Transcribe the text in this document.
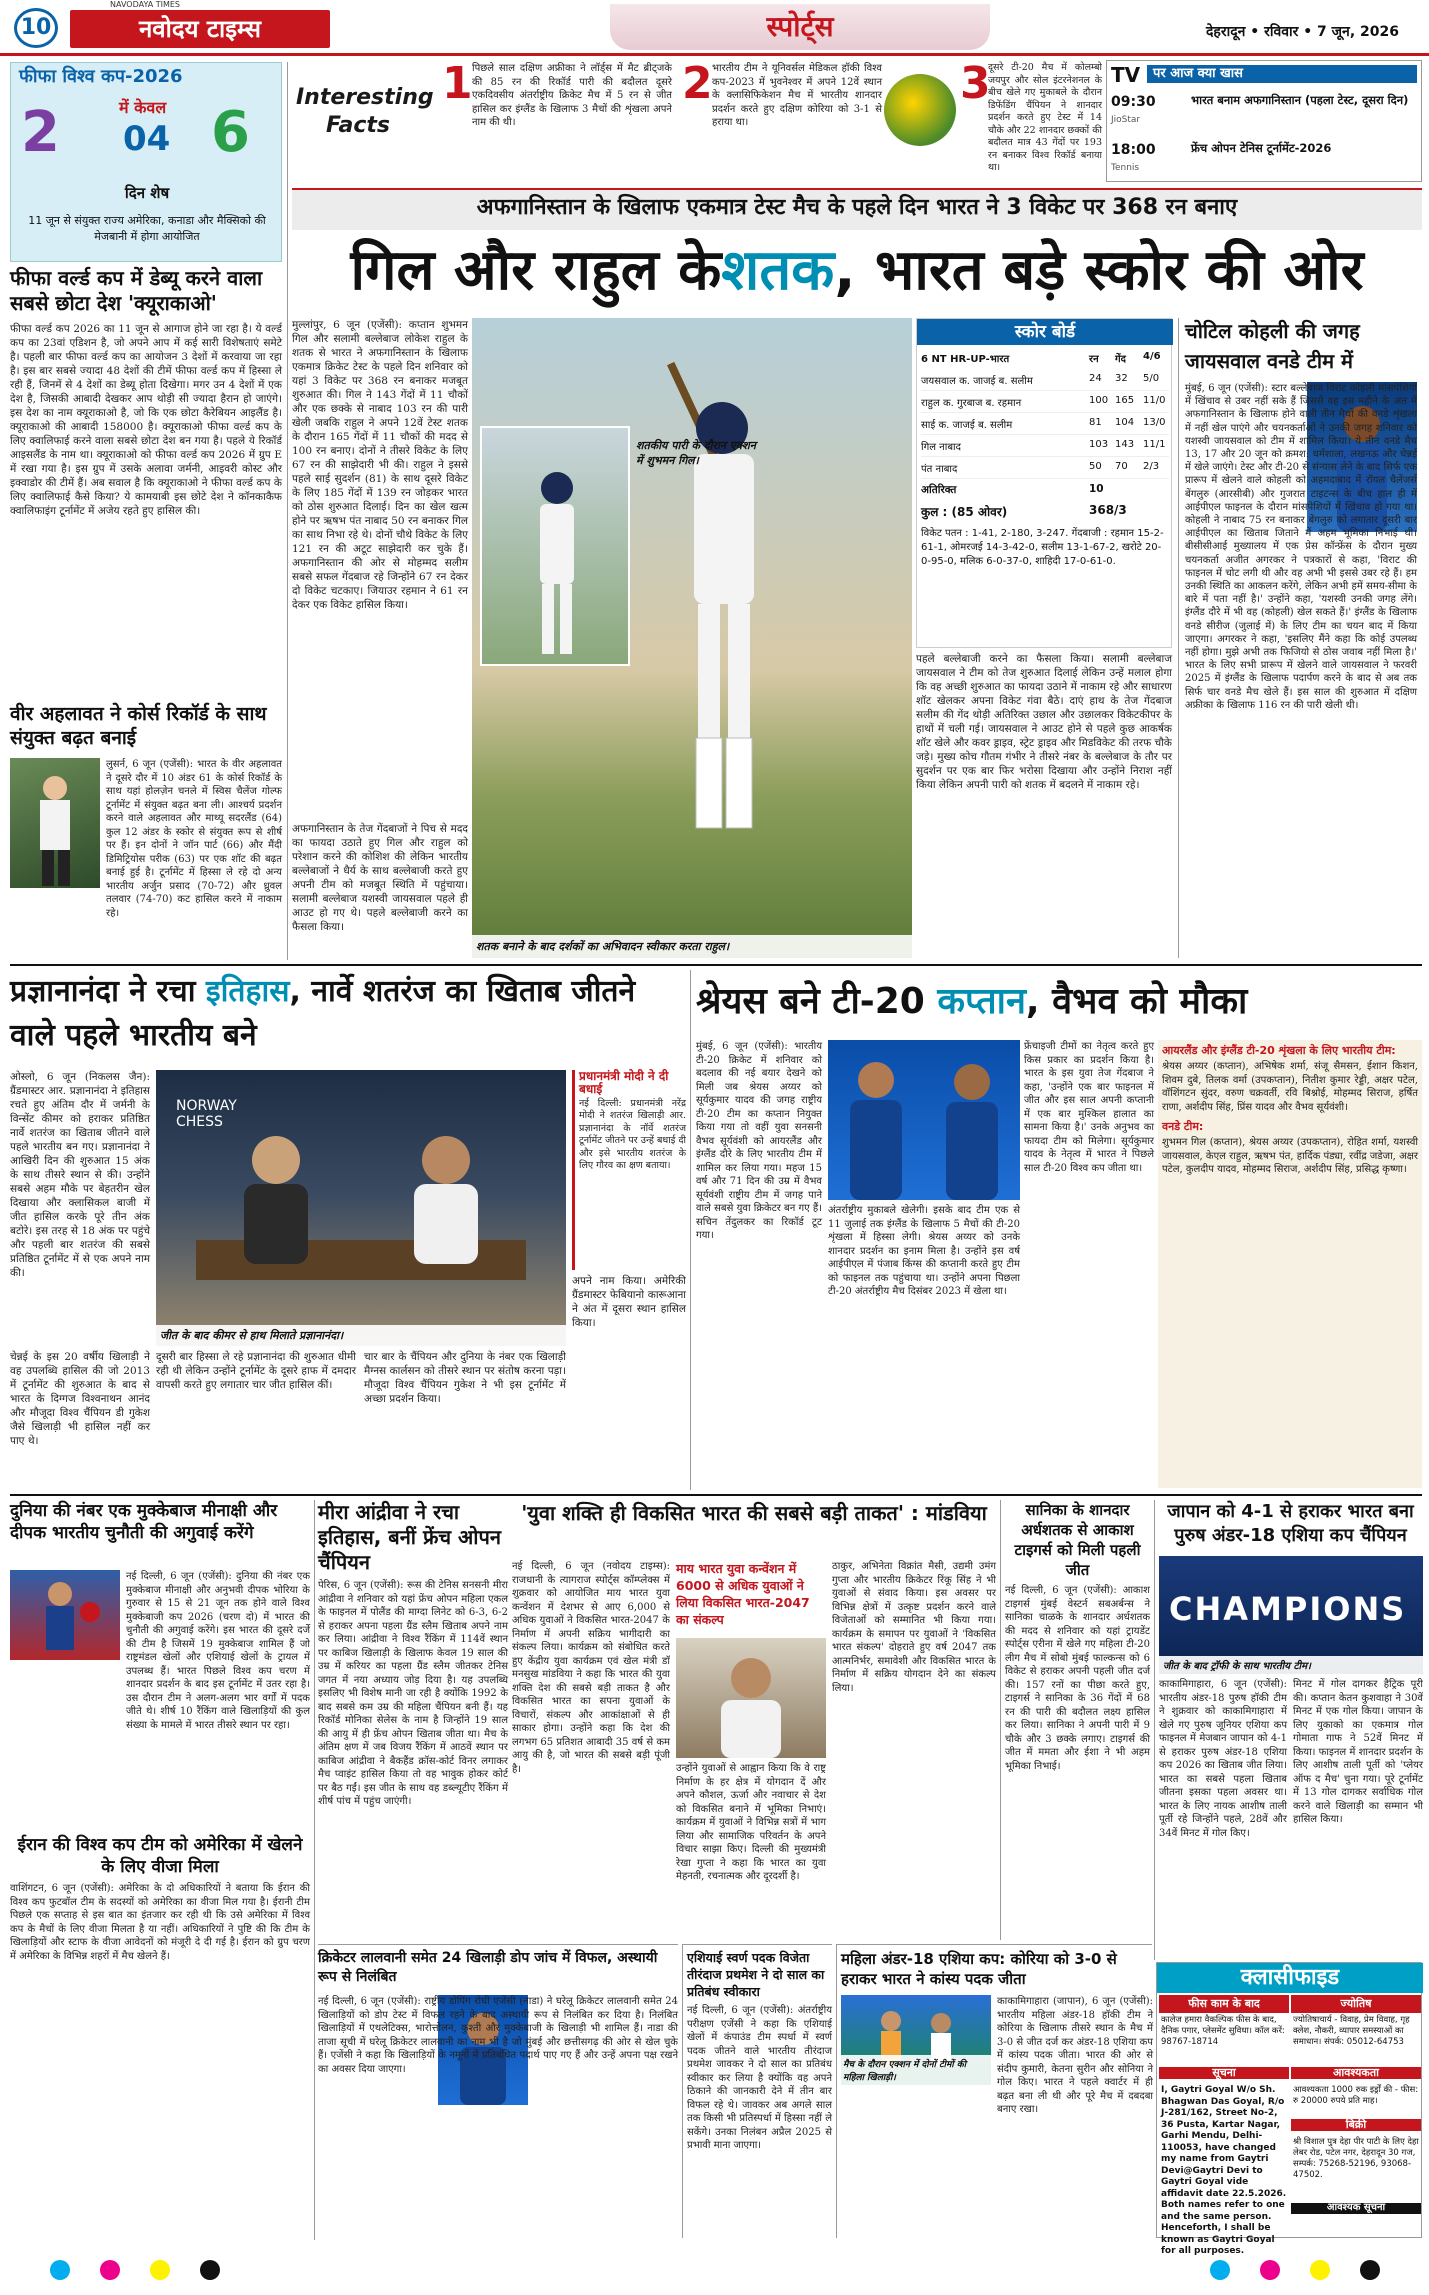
10
NAVODAYA TIMES
नवोदय टाइम्स	स्पोर्ट्स	देहरादून • रविवार • 7 जून, 2026
फीफा विश्व कप-2026
2	6
में केवल
04
दिन शेष
11 जून से संयुक्त राज्य अमेरिका, कनाडा और मैक्सिको की मेजबानी में होगा आयोजित
फीफा वर्ल्ड कप में डेब्यू करने वाला सबसे छोटा देश 'क्यूराकाओ'
फीफा वर्ल्ड कप 2026 का 11 जून से आगाज होने जा रहा है। ये वर्ल्ड कप का 23वां एडिशन है, जो अपने आप में कई सारी विशेषताएं समेटे है। पहली बार फीफा वर्ल्ड कप का आयोजन 3 देशों में करवाया जा रहा है। इस बार सबसे ज्यादा 48 देशों की टीमें फीफा वर्ल्ड कप में हिस्सा ले रही हैं, जिनमें से 4 देशों का डेब्यू होता दिखेगा। मगर उन 4 देशों में एक देश है, जिसकी आबादी देखकर आप थोड़ी सी ज्यादा हैरान हो जाएंगे। इस देश का नाम क्यूराकाओ है, जो कि एक छोटा कैरेबियन आइलैंड है। क्यूराकाओ की आबादी 158000 है। क्यूराकाओ फीफा वर्ल्ड कप के लिए क्वालिफाई करने वाला सबसे छोटा देश बन गया है। पहले ये रिकॉर्ड आइसलैंड के नाम था। क्यूराकाओ को फीफा वर्ल्ड कप 2026 में ग्रुप E में रखा गया है। इस ग्रुप में उसके अलावा जर्मनी, आइवरी कोस्ट और इक्वाडोर की टीमें हैं। अब सवाल है कि क्यूराकाओ ने फीफा वर्ल्ड कप के लिए क्वालिफाई कैसे किया? ये कामयाबी इस छोटे देश ने कॉनकाकैफ क्वालिफाइंग टूर्नामेंट में अजेय रहते हुए हासिल की।
वीर अहलावत ने कोर्स रिकॉर्ड के साथ संयुक्त बढ़त बनाई
लुसर्न, 6 जून (एजेंसी): भारत के वीर अहलावत ने दूसरे दौर में 10 अंडर 61 के कोर्स रिकॉर्ड के साथ यहां होलज़ेन चनले में स्विस चैलेंज गोल्फ टूर्नामेंट में संयुक्त बढ़त बना ली। आश्चर्य प्रदर्शन करने वाले अहलावत और माथ्यू सदरलैंड (64) कुल 12 अंडर के स्कोर से संयुक्त रूप से शीर्ष पर हैं। इन दोनों ने जॉन पार्ट (66) और मैंदी डिमिट्रियोस परीक (63) पर एक शॉट की बढ़त बनाई हुई है। टूर्नामेंट में हिस्सा ले रहे दो अन्य भारतीय अर्जुन प्रसाद (70-72) और ध्रुवल तलवार (74-70) कट हासिल करने में नाकाम रहे।
Interesting
Facts
1 पिछले साल दक्षिण अफ्रीका ने लॉर्ड्स में मैट ब्रीट्जके की 85 रन की रिकॉर्ड पारी की बदौलत दूसरे एकदिवसीय अंतर्राष्ट्रीय क्रिकेट मैच में 5 रन से जीत हासिल कर इंग्लैंड के खिलाफ 3 मैचों की शृंखला अपने नाम की थी।
2 भारतीय टीम ने यूनिवर्सल मेडिकल हॉकी विश्व कप-2023 में भुवनेश्वर में अपने 12वें स्थान के क्लासिफिकेशन मैच में भारतीय शानदार प्रदर्शन करते हुए दक्षिण कोरिया को 3-1 से हराया था।
3
दूसरे टी-20 मैच में कोलम्बो जयपुर और सोल इंटरनेशनल के बीच खेले गए मुकाबले के दौरान डिफेंडिंग चैंपियन ने शानदार प्रदर्शन करते हुए टेस्ट में 14 चौके और 22 शानदार छक्कों की बदौलत मात्र 43 गेंदों पर 193 रन बनाकर विश्व रिकॉर्ड बनाया था।
TV पर आज क्या खास
09:30
JioStar
भारत बनाम अफगानिस्तान (पहला टेस्ट, दूसरा दिन)
18:00
Tennis
फ्रेंच ओपन टेनिस टूर्नामेंट-2026
अफगानिस्तान के खिलाफ एकमात्र टेस्ट मैच के पहले दिन भारत ने 3 विकेट पर 368 रन बनाए
गिल और राहुल केशतक, भारत बड़े स्कोर की ओर
मुल्लांपुर, 6 जून (एजेंसी): कप्तान शुभमन गिल और सलामी बल्लेबाज लोकेश राहुल के शतक से भारत ने अफगानिस्तान के खिलाफ एकमात्र क्रिकेट टेस्ट के पहले दिन शनिवार को यहां 3 विकेट पर 368 रन बनाकर मजबूत शुरुआत की। गिल ने 143 गेंदों में 11 चौकों और एक छक्के से नाबाद 103 रन की पारी खेली जबकि राहुल ने अपने 12वें टेस्ट शतक के दौरान 165 गेंदों में 11 चौकों की मदद से 100 रन बनाए। दोनों ने तीसरे विकेट के लिए 67 रन की साझेदारी भी की। राहुल ने इससे पहले साई सुदर्शन (81) के साथ दूसरे विकेट के लिए 185 गेंदों में 139 रन जोड़कर भारत को ठोस शुरुआत दिलाई। दिन का खेल खत्म होने पर ऋषभ पंत नाबाद 50 रन बनाकर गिल का साथ निभा रहे थे। दोनों चौथे विकेट के लिए 121 रन की अटूट साझेदारी कर चुके हैं। अफगानिस्तान की ओर से मोहम्मद सलीम सबसे सफल गेंदबाज रहे जिन्होंने 67 रन देकर दो विकेट चटकाए। जियाउर रहमान ने 61 रन देकर एक विकेट हासिल किया।
शतकीय पारी के दौरान एक्शन में शुभमन गिल।
शतक बनाने के बाद दर्शकों का अभिवादन स्वीकार करता राहुल।
अफगानिस्तान के तेज गेंदबाजों ने पिच से मदद का फायदा उठाते हुए गिल और राहुल को परेशान करने की कोशिश की लेकिन भारतीय बल्लेबाजों ने धैर्य के साथ बल्लेबाजी करते हुए अपनी टीम को मजबूत स्थिति में पहुंचाया। सलामी बल्लेबाज यशस्वी जायसवाल पहले ही आउट हो गए थे। पहले बल्लेबाजी करने का फैसला किया।
स्कोर बोर्ड
6 NT HR-UP-भारत	रन गेंद 4/6
जयसवाल क. जाजई ब. सलीम	24 32 5/0
राहुल क. गुरबाज ब. रहमान	100 165 11/0
साई क. जाजई ब. सलीम	81 104 13/0
गिल नाबाद	103 143 11/1
पंत नाबाद	50 70 2/3
अतिरिक्त	10
कुल : (85 ओवर)	368/3
विकेट पतन : 1-41, 2-180, 3-247. गेंदबाजी : रहमान 15-2-61-1, ओमरजई 14-3-42-0, सलीम 13-1-67-2, खरोटे 20-0-95-0, मलिक 6-0-37-0, शाहिदी 17-0-61-0.
पहले बल्लेबाजी करने का फैसला किया। सलामी बल्लेबाज जायसवाल ने टीम को तेज शुरुआत दिलाई लेकिन उन्हें मलाल होगा कि वह अच्छी शुरुआत का फायदा उठाने में नाकाम रहे और साधारण शॉट खेलकर अपना विकेट गंवा बैठे। दाएं हाथ के तेज गेंदबाज सलीम की गेंद थोड़ी अतिरिक्त उछाल और उछालकर विकेटकीपर के हाथों में चली गई। जायसवाल ने आउट होने से पहले कुछ आकर्षक शॉट खेले और कवर ड्राइव, स्ट्रेट ड्राइव और मिडविकेट की तरफ चौके जड़े। मुख्य कोच गौतम गंभीर ने तीसरे नंबर के बल्लेबाज के तौर पर सुदर्शन पर एक बार फिर भरोसा दिखाया और उन्होंने निराश नहीं किया लेकिन अपनी पारी को शतक में बदलने में नाकाम रहे।
चोटिल कोहली की जगह
जायसवाल वनडे टीम में
मुंबई, 6 जून (एजेंसी): स्टार बल्लेबाज विराट कोहली मांसपेशियों में खिंचाव से उबर नहीं सके हैं जिससे वह इस महीने के अंत में अफगानिस्तान के खिलाफ होने वाली तीन मैचों की वनडे शृंखला में नहीं खेल पाएंगे और चयनकर्ताओं ने उनकी जगह शनिवार को यशस्वी जायसवाल को टीम में शामिल किया। ये तीन वनडे मैच 13, 17 और 20 जून को क्रमश: धर्मशाला, लखनऊ और चेन्नई में खेले जाएंगे। टेस्ट और टी-20 से संन्यास लेने के बाद सिर्फ एक प्रारूप में खेलने वाले कोहली को अहमदाबाद में रॉयल चैलेंजर्स बेंगलुरु (आरसीबी) और गुजरात टाइटन्स के बीच हाल ही में आईपीएल फाइनल के दौरान मांसपेशियों में खिंचाव हो गया था। कोहली ने नाबाद 75 रन बनाकर बेंगलुरु को लगातार दूसरी बार आईपीएल का खिताब जिताने में अहम भूमिका निभाई थी। बीसीसीआई मुख्यालय में एक प्रेस कॉन्फ्रेंस के दौरान मुख्य चयनकर्ता अजीत अगरकर ने पत्रकारों से कहा, 'विराट की फाइनल में चोट लगी थी और वह अभी भी इससे उबर रहे हैं। हम उनकी स्थिति का आकलन करेंगे, लेकिन अभी हमें समय-सीमा के बारे में पता नहीं है।' उन्होंने कहा, 'यशस्वी उनकी जगह लेंगे। इंग्लैंड दौरे में भी वह (कोहली) खेल सकते हैं।' इंग्लैंड के खिलाफ वनडे सीरीज (जुलाई में) के लिए टीम का चयन बाद में किया जाएगा। अगरकर ने कहा, 'इसलिए मैंने कहा कि कोई उपलब्ध नहीं होगा। मुझे अभी तक फिजियो से ठोस जवाब नहीं मिला है।' भारत के लिए सभी प्रारूप में खेलने वाले जायसवाल ने फरवरी 2025 में इंग्लैंड के खिलाफ पदार्पण करने के बाद से अब तक सिर्फ चार वनडे मैच खेले हैं। इस साल की शुरुआत में दक्षिण अफ्रीका के खिलाफ 116 रन की पारी खेली थी।
प्रज्ञानानंदा ने रचा इतिहास, नार्वे शतरंज का खिताब जीतने वाले पहले भारतीय बने
ओस्लो, 6 जून (निकलस जैन): ग्रैंडमास्टर आर. प्रज्ञानानंदा ने इतिहास रचते हुए अंतिम दौर में जर्मनी के विन्सेंट कीमर को हराकर प्रतिष्ठित नार्वे शतरंज का खिताब जीतने वाले पहले भारतीय बन गए। प्रज्ञानानंदा ने आखिरी दिन की शुरुआत 15 अंक के साथ तीसरे स्थान से की। उन्होंने सबसे अहम मौके पर बेहतरीन खेल दिखाया और क्लासिकल बाजी में जीत हासिल करके पूरे तीन अंक बटोरे। इस तरह से 18 अंक पर पहुंचे और पहली बार शतरंज की सबसे प्रतिष्ठित टूर्नामेंट में से एक अपने नाम की।
NORWAY
CHESS
जीत के बाद कीमर से हाथ मिलाते प्रज्ञानानंदा।
चेन्नई के इस 20 वर्षीय खिलाड़ी ने वह उपलब्धि हासिल की जो 2013 में टूर्नामेंट की शुरुआत के बाद से भारत के दिग्गज विश्वनाथन आनंद और मौजूदा विश्व चैंपियन डी गुकेश जैसे खिलाड़ी भी हासिल नहीं कर पाए थे।
दूसरी बार हिस्सा ले रहे प्रज्ञानानंदा की शुरुआत धीमी रही थी लेकिन उन्होंने टूर्नामेंट के दूसरे हाफ में दमदार वापसी करते हुए लगातार चार जीत हासिल कीं।
चार बार के चैंपियन और दुनिया के नंबर एक खिलाड़ी मैग्नस कार्लसन को तीसरे स्थान पर संतोष करना पड़ा। मौजूदा विश्व चैंपियन गुकेश ने भी इस टूर्नामेंट में अच्छा प्रदर्शन किया।
प्रधानमंत्री मोदी ने दी बधाई
नई दिल्ली: प्रधानमंत्री नरेंद्र मोदी ने शतरंज खिलाड़ी आर. प्रज्ञानानंदा के नॉर्वे शतरंज टूर्नामेंट जीतने पर उन्हें बधाई दी और इसे भारतीय शतरंज के लिए गौरव का क्षण बताया।
अपने नाम किया। अमेरिकी ग्रैंडमास्टर फेबियानो कारूआना ने अंत में दूसरा स्थान हासिल किया।
श्रेयस बने टी-20 कप्तान, वैभव को मौका
मुंबई, 6 जून (एजेंसी): भारतीय टी-20 क्रिकेट में शनिवार को बदलाव की नई बयार देखने को मिली जब श्रेयस अय्यर को सूर्यकुमार यादव की जगह राष्ट्रीय टी-20 टीम का कप्तान नियुक्त किया गया तो वहीं युवा सनसनी वैभव सूर्यवंशी को आयरलैंड और इंग्लैंड दौरे के लिए भारतीय टीम में शामिल कर लिया गया। महज 15 वर्ष और 71 दिन की उम्र में वैभव सूर्यवंशी राष्ट्रीय टीम में जगह पाने वाले सबसे युवा क्रिकेटर बन गए हैं। सचिन तेंदुलकर का रिकॉर्ड टूट गया।
अंतर्राष्ट्रीय मुकाबले खेलेगी। इसके बाद टीम एक से 11 जुलाई तक इंग्लैंड के खिलाफ 5 मैचों की टी-20 शृंखला में हिस्सा लेगी। श्रेयस अय्यर को उनके शानदार प्रदर्शन का इनाम मिला है। उन्होंने इस वर्ष आईपीएल में पंजाब किंग्स की कप्तानी करते हुए टीम को फाइनल तक पहुंचाया था। उन्होंने अपना पिछला टी-20 अंतर्राष्ट्रीय मैच दिसंबर 2023 में खेला था।
फ्रेंचाइजी टीमों का नेतृत्व करते हुए किस प्रकार का प्रदर्शन किया है। भारत के इस युवा तेज गेंदबाज ने कहा, 'उन्होंने एक बार फाइनल में जीत और इस साल अपनी कप्तानी में एक बार मुश्किल हालात का सामना किया है।' उनके अनुभव का फायदा टीम को मिलेगा। सूर्यकुमार यादव के नेतृत्व में भारत ने पिछले साल टी-20 विश्व कप जीता था।
आयरलैंड और इंग्लैंड टी-20 शृंखला के लिए भारतीय टीम:
श्रेयस अय्यर (कप्तान), अभिषेक शर्मा, संजू सैमसन, ईशान किशन, शिवम दुबे, तिलक वर्मा (उपकप्तान), नितीश कुमार रेड्डी, अक्षर पटेल, वॉशिंगटन सुंदर, वरुण चक्रवर्ती, रवि बिश्नोई, मोहम्मद सिराज, हर्षित राणा, अर्शदीप सिंह, प्रिंस यादव और वैभव सूर्यवंशी।
वनडे टीम:
शुभमन गिल (कप्तान), श्रेयस अय्यर (उपकप्तान), रोहित शर्मा, यशस्वी जायसवाल, केएल राहुल, ऋषभ पंत, हार्दिक पंड्या, रवींद्र जडेजा, अक्षर पटेल, कुलदीप यादव, मोहम्मद सिराज, अर्शदीप सिंह, प्रसिद्ध कृष्णा।
दुनिया की नंबर एक मुक्केबाज मीनाक्षी और दीपक भारतीय चुनौती की अगुवाई करेंगे
नई दिल्ली, 6 जून (एजेंसी): दुनिया की नंबर एक मुक्केबाज मीनाक्षी और अनुभवी दीपक भोरिया के गुरुवार से 15 से 21 जून तक होने वाले विश्व मुक्केबाजी कप 2026 (चरण दो) में भारत की चुनौती की अगुवाई करेंगे। इस भारत की दूसरे दर्जे की टीम है जिसमें 19 मुक्केबाज शामिल हैं जो राष्ट्रमंडल खेलों और एशियाई खेलों के ट्रायल में उपलब्ध हैं। भारत पिछले विश्व कप चरण में शानदार प्रदर्शन के बाद इस टूर्नामेंट में उतर रहा है। उस दौरान टीम ने अलग-अलग भार वर्गों में पदक जीते थे। शीर्ष 10 रैंकिंग वाले खिलाड़ियों की कुल संख्या के मामले में भारत तीसरे स्थान पर रहा।
ईरान की विश्व कप टीम को अमेरिका में खेलने के लिए वीजा मिला
वाशिंगटन, 6 जून (एजेंसी): अमेरिका के दो अधिकारियों ने बताया कि ईरान की विश्व कप फुटबॉल टीम के सदस्यों को अमेरिका का वीजा मिल गया है। ईरानी टीम पिछले एक सप्ताह से इस बात का इंतजार कर रही थी कि उसे अमेरिका में विश्व कप के मैचों के लिए वीजा मिलता है या नहीं। अधिकारियों ने पुष्टि की कि टीम के खिलाड़ियों और स्टाफ के वीजा आवेदनों को मंजूरी दे दी गई है। ईरान को ग्रुप चरण में अमेरिका के विभिन्न शहरों में मैच खेलने हैं।
मीरा आंद्रीवा ने रचा इतिहास, बनीं फ्रेंच ओपन चैंपियन
पेरिस, 6 जून (एजेंसी): रूस की टेनिस सनसनी मीरा आंद्रीवा ने शनिवार को यहां फ्रेंच ओपन महिला एकल के फाइनल में पोलैंड की माग्दा लिनेट को 6-3, 6-2 से हराकर अपना पहला ग्रैंड स्लैम खिताब अपने नाम कर लिया। आंद्रीवा ने विश्व रैंकिंग में 114वें स्थान पर काबिज खिलाड़ी के खिलाफ केवल 19 साल की उम्र में करियर का पहला ग्रैंड स्लैम जीतकर टेनिस जगत में नया अध्याय जोड़ दिया है। यह उपलब्धि इसलिए भी विशेष मानी जा रही है क्योंकि 1992 के बाद सबसे कम उम्र की महिला चैंपियन बनी हैं। यह रिकॉर्ड मोनिका सेलेस के नाम है जिन्होंने 19 साल की आयु में ही फ्रेंच ओपन खिताब जीता था। मैच के अंतिम क्षण में जब विजय रैंकिंग में आठवें स्थान पर काबिज आंद्रीवा ने बैकहैंड क्रॉस-कोर्ट विनर लगाकर मैच प्वाइंट हासिल किया तो वह भावुक होकर कोर्ट पर बैठ गईं। इस जीत के साथ वह डब्ल्यूटीए रैंकिंग में शीर्ष पांच में पहुंच जाएंगी।
'युवा शक्ति ही विकसित भारत की सबसे बड़ी ताकत' : मांडविया
नई दिल्ली, 6 जून (नवोदय टाइम्स): राजधानी के त्यागराज स्पोर्ट्स कॉम्प्लेक्स में शुक्रवार को आयोजित माय भारत युवा कन्वेंशन में देशभर से आए 6,000 से अधिक युवाओं ने विकसित भारत-2047 के निर्माण में अपनी सक्रिय भागीदारी का संकल्प लिया। कार्यक्रम को संबोधित करते हुए केंद्रीय युवा कार्यक्रम एवं खेल मंत्री डॉ मनसुख मांडविया ने कहा कि भारत की युवा शक्ति देश की सबसे बड़ी ताकत है और विकसित भारत का सपना युवाओं के विचारों, संकल्प और आकांक्षाओं से ही साकार होगा। उन्होंने कहा कि देश की लगभग 65 प्रतिशत आबादी 35 वर्ष से कम आयु की है, जो भारत की सबसे बड़ी पूंजी है।
माय भारत युवा कन्वेंशन में 6000 से अधिक युवाओं ने लिया विकसित भारत-2047 का संकल्प
उन्होंने युवाओं से आह्वान किया कि वे राष्ट्र निर्माण के हर क्षेत्र में योगदान दें और अपने कौशल, ऊर्जा और नवाचार से देश को विकसित बनाने में भूमिका निभाएं। कार्यक्रम में युवाओं ने विभिन्न सत्रों में भाग लिया और सामाजिक परिवर्तन के अपने विचार साझा किए। दिल्ली की मुख्यमंत्री रेखा गुप्ता ने कहा कि भारत का युवा मेहनती, रचनात्मक और दूरदर्शी है।
ठाकुर, अभिनेता विक्रांत मैसी, उद्यमी उमंग गुप्ता और भारतीय क्रिकेटर रिंकू सिंह ने भी युवाओं से संवाद किया। इस अवसर पर विभिन्न क्षेत्रों में उत्कृष्ट प्रदर्शन करने वाले विजेताओं को सम्मानित भी किया गया। कार्यक्रम के समापन पर युवाओं ने 'विकसित भारत संकल्प' दोहराते हुए वर्ष 2047 तक आत्मनिर्भर, समावेशी और विकसित भारत के निर्माण में सक्रिय योगदान देने का संकल्प लिया।
सानिका के शानदार अर्धशतक से आकाश टाइगर्स को मिली पहली जीत
नई दिल्ली, 6 जून (एजेंसी): आकाश टाइगर्स मुंबई वेस्टर्न सबअर्बन्स ने सानिका चाळके के शानदार अर्धशतक की मदद से शनिवार को यहां ट्रायडेंट स्पोर्ट्स एरीना में खेले गए महिला टी-20 लीग मैच में सोबो मुंबई फाल्कन्स को 6 विकेट से हराकर अपनी पहली जीत दर्ज की। 157 रनों का पीछा करते हुए, टाइगर्स ने सानिका के 36 गेंदों में 68 रन की पारी की बदौलत लक्ष्य हासिल कर लिया। सानिका ने अपनी पारी में 9 चौके और 3 छक्के लगाए। टाइगर्स की जीत में ममता और ईशा ने भी अहम भूमिका निभाई।
जापान को 4-1 से हराकर भारत बना पुरुष अंडर-18 एशिया कप चैंपियन
CHAMPIONS
जीत के बाद ट्रॉफी के साथ भारतीय टीम।
काकामिगाहारा, 6 जून (एजेंसी): भारतीय अंडर-18 पुरुष हॉकी टीम ने शुक्रवार को काकामिगाहारा में खेले गए पुरुष जूनियर एशिया कप फाइनल में मेजबान जापान को 4-1 से हराकर पुरुष अंडर-18 एशिया कप 2026 का खिताब जीत लिया। भारत का सबसे पहला खिताब जीतना इसका पहला अवसर था। भारत के लिए नायक आशीष ताली पूर्ती रहे जिन्होंने पहले, 28वें और 34वें मिनट में गोल किए।
मिनट में गोल दागकर हैट्रिक पूरी की। कप्तान केतन कुशवाहा ने 30वें मिनट में एक गोल किया। जापान के लिए युकाको का एकमात्र गोल गोमाता गाफ ने 52वें मिनट में किया। फाइनल में शानदार प्रदर्शन के लिए आशीष ताली पूर्ती को 'प्लेयर ऑफ द मैच' चुना गया। पूरे टूर्नामेंट में 13 गोल दागकर सर्वाधिक गोल करने वाले खिलाड़ी का सम्मान भी हासिल किया।
क्रिकेटर लालवानी समेत 24 खिलाड़ी डोप जांच में विफल, अस्थायी रूप से निलंबित
नई दिल्ली, 6 जून (एजेंसी): राष्ट्रीय डोपिंग रोधी एजेंसी (नाडा) ने घरेलू क्रिकेटर लालवानी समेत 24 खिलाड़ियों को डोप टेस्ट में विफल रहने के बाद अस्थायी रूप से निलंबित कर दिया है। निलंबित खिलाड़ियों में एथलेटिक्स, भारोत्तोलन, कुश्ती और मुक्केबाजी के खिलाड़ी भी शामिल हैं। नाडा की ताजा सूची में घरेलू क्रिकेटर लालवानी का नाम भी है जो मुंबई और छत्तीसगढ़ की ओर से खेल चुके हैं। एजेंसी ने कहा कि खिलाड़ियों के नमूनों में प्रतिबंधित पदार्थ पाए गए हैं और उन्हें अपना पक्ष रखने का अवसर दिया जाएगा।
एशियाई स्वर्ण पदक विजेता तीरंदाज प्रथमेश ने दो साल का प्रतिबंध स्वीकारा
नई दिल्ली, 6 जून (एजेंसी): अंतर्राष्ट्रीय परीक्षण एजेंसी ने कहा कि एशियाई खेलों में कंपाउंड टीम स्पर्धा में स्वर्ण पदक जीतने वाले भारतीय तीरंदाज प्रथमेश जावकर ने दो साल का प्रतिबंध स्वीकार कर लिया है क्योंकि वह अपने ठिकाने की जानकारी देने में तीन बार विफल रहे थे। जावकर अब अगले साल तक किसी भी प्रतिस्पर्धा में हिस्सा नहीं ले सकेंगे। उनका निलंबन अप्रैल 2025 से प्रभावी माना जाएगा।
महिला अंडर-18 एशिया कप: कोरिया को 3-0 से हराकर भारत ने कांस्य पदक जीता
मैच के दौरान एक्शन में दोनों टीमों की महिला खिलाड़ी।
काकामिगाहारा (जापान), 6 जून (एजेंसी): भारतीय महिला अंडर-18 हॉकी टीम ने कोरिया के खिलाफ तीसरे स्थान के मैच में 3-0 से जीत दर्ज कर अंडर-18 एशिया कप में कांस्य पदक जीता। भारत की ओर से संदीप कुमारी, केतना सुरीन और सोनिया ने गोल किए। भारत ने पहले क्वार्टर में ही बढ़त बना ली थी और पूरे मैच में दबदबा बनाए रखा।
क्लासीफाइड
फीस काम के बाद	ज्योतिष
कालेज हमारा वैकल्पिक फीस के बाद, दैनिक पगार, प्लेसमेंट सुविधा। कॉल करें: 98767-18714
ज्योतिषाचार्य - विवाह, प्रेम विवाह, गृह क्लेश, नौकरी, व्यापार समस्याओं का समाधान। संपर्क: 05012-64753
सूचना
I, Gaytri Goyal W/o Sh. Bhagwan Das Goyal, R/o J-281/162, Street No-2, 36 Pusta, Kartar Nagar, Garhi Mendu, Delhi-110053, have changed my name from Gaytri Devi@Gaytri Devi to Gaytri Goyal vide affidavit date 22.5.2026. Both names refer to one and the same person. Henceforth, I shall be known as Gaytri Goyal for all purposes.
आवश्यकता
आवश्यकता 1000 रुक इर्ड्रों की - फीस: रु 20000 रुपये प्रति माह।
बिक्री
श्री विशाल पुत्र देहा पीर पाटी के लिए देहा लेबर रोड, पटेल नगर, देहरादून 30 गज, सम्पर्क: 75268-52196, 93068-47502.
आवश्यक सूचना
